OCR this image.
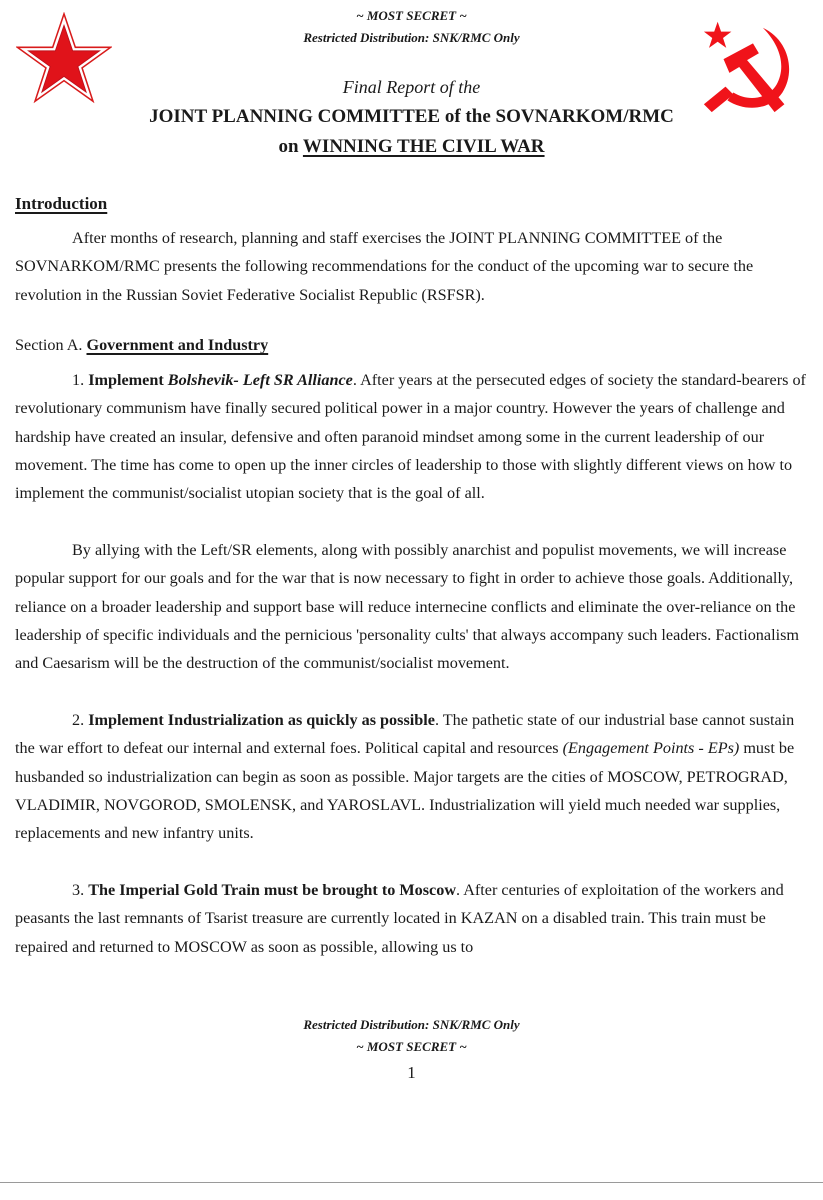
~ MOST SECRET ~
Restricted Distribution: SNK/RMC Only
Final Report of the
JOINT PLANNING COMMITTEE of the SOVNARKOM/RMC
on WINNING THE CIVIL WAR
Introduction
After months of research, planning and staff exercises the JOINT PLANNING COMMITTEE of the SOVNARKOM/RMC presents the following recommendations for the conduct of the upcoming war to secure the revolution in the Russian Soviet Federative Socialist Republic (RSFSR).
Section A. Government and Industry
1. Implement Bolshevik- Left SR Alliance. After years at the persecuted edges of society the standard-bearers of revolutionary communism have finally secured political power in a major country. However the years of challenge and hardship have created an insular, defensive and often paranoid mindset among some in the current leadership of our movement. The time has come to open up the inner circles of leadership to those with slightly different views on how to implement the communist/socialist utopian society that is the goal of all.
By allying with the Left/SR elements, along with possibly anarchist and populist movements, we will increase popular support for our goals and for the war that is now necessary to fight in order to achieve those goals. Additionally, reliance on a broader leadership and support base will reduce internecine conflicts and eliminate the over-reliance on the leadership of specific individuals and the pernicious 'personality cults' that always accompany such leaders. Factionalism and Caesarism will be the destruction of the communist/socialist movement.
2. Implement Industrialization as quickly as possible. The pathetic state of our industrial base cannot sustain the war effort to defeat our internal and external foes. Political capital and resources (Engagement Points - EPs) must be husbanded so industrialization can begin as soon as possible. Major targets are the cities of MOSCOW, PETROGRAD, VLADIMIR, NOVGOROD, SMOLENSK, and YAROSLAVL. Industrialization will yield much needed war supplies, replacements and new infantry units.
3. The Imperial Gold Train must be brought to Moscow. After centuries of exploitation of the workers and peasants the last remnants of Tsarist treasure are currently located in KAZAN on a disabled train. This train must be repaired and returned to MOSCOW as soon as possible, allowing us to
Restricted Distribution: SNK/RMC Only
~ MOST SECRET ~
1
